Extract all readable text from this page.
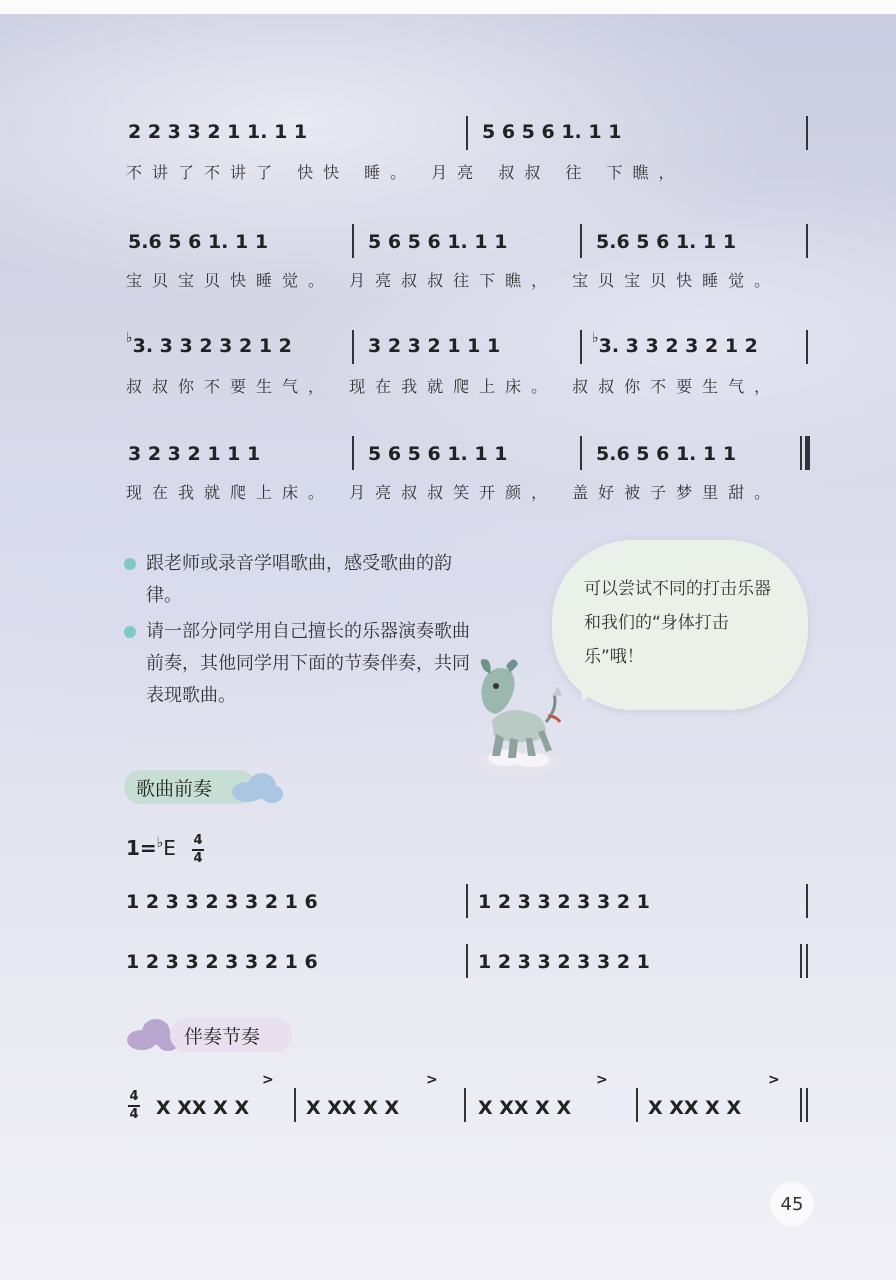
2 2 3 3 2 1 1. 1 1	5 6 5 6 1. 1 1
不讲了不讲了 快快 睡。 月亮 叔叔 往 下瞧，
5.6 5 6 1. 1 1	5 6 5 6 1. 1 1	5.6 5 6 1. 1 1
宝贝宝贝快睡觉。 月亮叔叔往下瞧， 宝贝宝贝快睡觉。
♭ 3. 3 3 2 3 2 1 2	3 2 3 2 1 1 1	♭ 3. 3 3 2 3 2 1 2
叔叔你不要生气， 现在我就爬上床。 叔叔你不要生气，
3 2 3 2 1 1 1	5 6 5 6 1. 1 1	5.6 5 6 1. 1 1
现在我就爬上床。 月亮叔叔笑开颜， 盖好被子梦里甜。
跟老师或录音学唱歌曲，感受歌曲的韵律。
请一部分同学用自己擅长的乐器演奏歌曲前奏，其他同学用下面的节奏伴奏，共同表现歌曲。
可以尝试不同的打击乐器和我们的“身体打击乐”哦！
歌曲前奏
1=♭E 4
4
1 2 3 3 2 3 3 2 1 6	1 2 3 3 2 3 3 2 1
1 2 3 3 2 3 3 2 1 6	1 2 3 3 2 3 3 2 1
伴奏节奏
4
4 X XX X X	X XX X X	X XX X X	X XX X X
>	>	>	>
45
